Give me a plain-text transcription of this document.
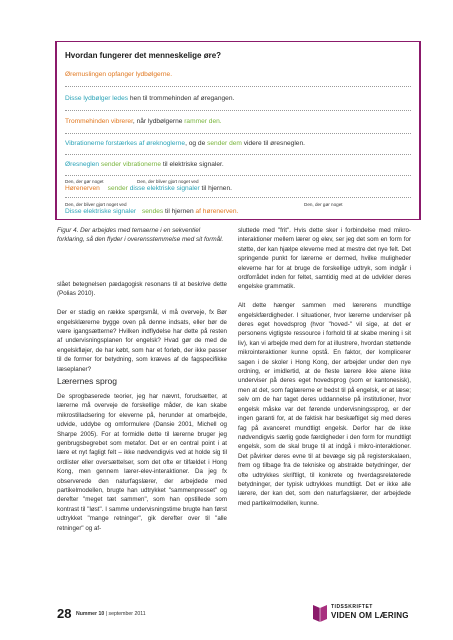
Hvordan fungerer det menneskelige øre?
Øremuslingen opfanger lydbølgerne.
Disse lydbølger ledes hen til trommehinden af øregangen.
Trommehinden vibrerer, når lydbølgerne rammer den.
Vibrationerne forstærkes af øreknoglerne, og de sender dem videre til øresneglen.
Øresneglen sender vibrationerne til elektriske signaler.
Den, der gør noget	Den, der bliver gjort noget ved
Hørenerven sender disse elektriske signaler til hjernen.
Den, der bliver gjort noget ved	Den, der gør noget
Disse elektriske signaler sendes til hjernen af hørenerven.
Figur 4. Der arbejdes med temaerne i en sekventiel forklaring, så den flyder i overensstemmelse med sit formål.

slået betegnelsen pædagogisk resonans til at beskrive dette (Polias 2010).

Der er stadig en række spørgsmål, vi må overveje, fx Bør engelsklærerne bygge oven på denne indsats, eller bør de være igangsætterne? Hvilken indflydelse har dette på resten af undervisningsplanen for engelsk? Hvad gør de med de engelskfløjer, de har købt, som har et forløb, der ikke passer til de former for betydning, som kræves af de fagspecifikke læseplaner?

Lærernes sprog

De sprogbaserede teorier, jeg har nævnt, forudsætter, at lærerne må overveje de forskellige måder, de kan skabe mikrostilladsering for eleverne på, herunder at omarbejde, udvide, uddybe og omformulere (Dansie 2001, Michell og Sharpe 2005). For at formidle dette til lærerne bruger jeg genbrugsbegrebet som metafor. Det er en central point i at lære et nyt fagligt felt – ikke nødvendigvis ved at holde sig til ordlister eller oversættelser, som det ofte er tilfældet i Hong Kong, men gennem lærer-elev-interaktioner. Da jeg fx observerede den naturfagslærer, der arbejdede med partikelmodellen, brugte han udtrykket "sammenpresset" og derefter "meget tæt sammen", som han opstillede som kontrast til "løst". I samme undervisningstime brugte han først udtrykket "mange retninger", gik derefter over til "alle retninger" og af-

sluttede med "frit". Hvis dette sker i forbindelse med mikro-interaktioner mellem lærer og elev, ser jeg det som en form for støtte, der kan hjælpe eleverne med at mestre det nye felt. Det springende punkt for lærerne er dermed, hvilke muligheder eleverne har for at bruge de forskellige udtryk, som indgår i ordforrådet inden for feltet, samtidig med at de udvikler deres engelske grammatik.

Alt dette hænger sammen med lærerens mundtlige engelskfærdigheder. I situationer, hvor lærerne underviser på deres eget hovedsprog (hvor "hoved-" vil sige, at det er personens vigtigste ressource i forhold til at skabe mening i sit liv), kan vi arbejde med dem for at illustrere, hvordan støttende mikrointeraktioner kunne opstå. En faktor, der komplicerer sagen i de skoler i Hong Kong, der arbejder under den nye ordning, er imidlertid, at de fleste lærere ikke alene ikke underviser på deres eget hovedsprog (som er kantonesisk), men at det, som faglærerne er bedst til på engelsk, er at læse; selv om de har taget deres uddannelse på institutioner, hvor engelsk måske var det førende undervisningssprog, er der ingen garanti for, at de faktisk har beskæftiget sig med deres fag på avanceret mundtligt engelsk. Derfor har de ikke nødvendigvis særlig gode færdigheder i den form for mundtligt engelsk, som de skal bruge til at indgå i mikro-interaktioner. Det påvirker deres evne til at bevæge sig på registerskalaen, frem og tilbage fra de tekniske og abstrakte betydninger, der ofte udtrykkes skriftligt, til konkrete og hverdagsrelaterede betydninger, der typisk udtrykkes mundtligt. Det er ikke alle lærere, der kan det, som den naturfagslærer, der arbejdede med partikelmodellen, kunne.

28 Nummer 10 | september 2011
TIDSSKRIFTET
VIDEN OM LÆRING
